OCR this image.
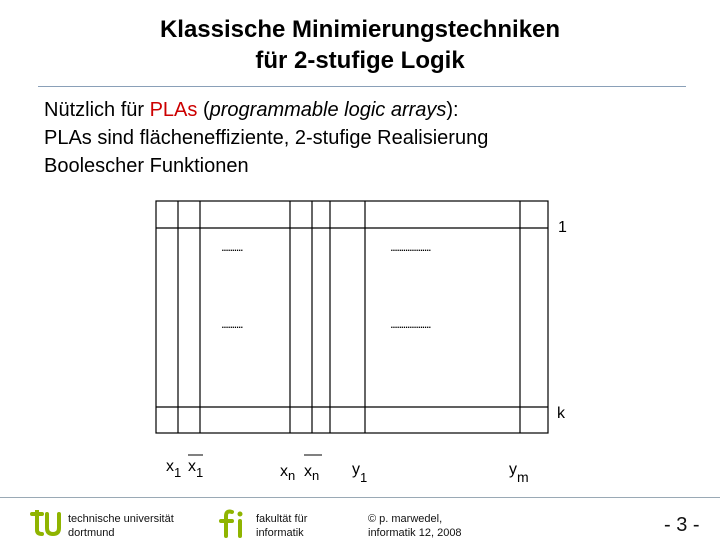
Klassische Minimierungstechniken
für 2-stufige Logik
Nützlich für PLAs (programmable logic arrays):
PLAs sind flächeneffiziente, 2-stufige Realisierung
Boolescher Funktionen
..........	...................
..........	...................
1
k
$x_1$ $x_1$	$x_n$ $x_n$ $y_1$	ym
technische universität
dortmund
fakultät für
informatik
© p. marwedel,
informatik 12, 2008	- 3 -
